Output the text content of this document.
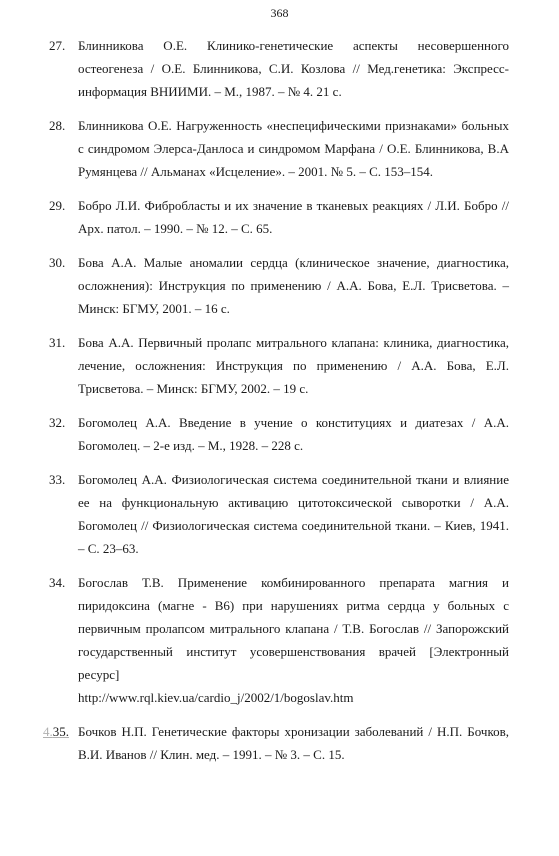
368
27. Блинникова О.Е. Клинико-генетические аспекты несовершенного остеогенеза / О.Е. Блинникова, С.И. Козлова // Мед.генетика: Экспресс-информация ВНИИМИ. – М., 1987. – № 4. 21 с.
28. Блинникова О.Е. Нагруженность «неспецифическими признаками» больных с синдромом Элерса-Данлоса и синдромом Марфана / О.Е. Блинникова, В.А Румянцева // Альманах «Исцеление». – 2001. № 5. – С. 153–154.
29. Бобро Л.И. Фибробласты и их значение в тканевых реакциях / Л.И. Бобро // Арх. патол. – 1990. – № 12. – С. 65.
30. Бова А.А. Малые аномалии сердца (клиническое значение, диагностика, осложнения): Инструкция по применению / А.А. Бова, Е.Л. Трисветова. – Минск: БГМУ, 2001. – 16 с.
31. Бова А.А. Первичный пролапс митрального клапана: клиника, диагностика, лечение, осложнения: Инструкция по применению / А.А. Бова, Е.Л. Трисветова. – Минск: БГМУ, 2002. – 19 с.
32. Богомолец А.А. Введение в учение о конституциях и диатезах / А.А. Богомолец. – 2-е изд. – М., 1928. – 228 с.
33. Богомолец А.А. Физиологическая система соединительной ткани и влияние ее на функциональную активацию цитотоксической сыворотки / А.А. Богомолец // Физиологическая система соединительной ткани. – Киев, 1941. – С. 23–63.
34. Богослав Т.В. Применение комбинированного препарата магния и пиридоксина (магне - В6) при нарушениях ритма сердца у больных с первичным пролапсом митрального клапана / Т.В. Богослав // Запорожский государственный институт усовершенствования врачей [Электронный ресурс]
http://www.rql.kiev.ua/cardio_j/2002/1/bogoslav.htm
4.35. Бочков Н.П. Генетические факторы хронизации заболеваний / Н.П. Бочков, В.И. Иванов // Клин. мед. – 1991. – № 3. – С. 15.
